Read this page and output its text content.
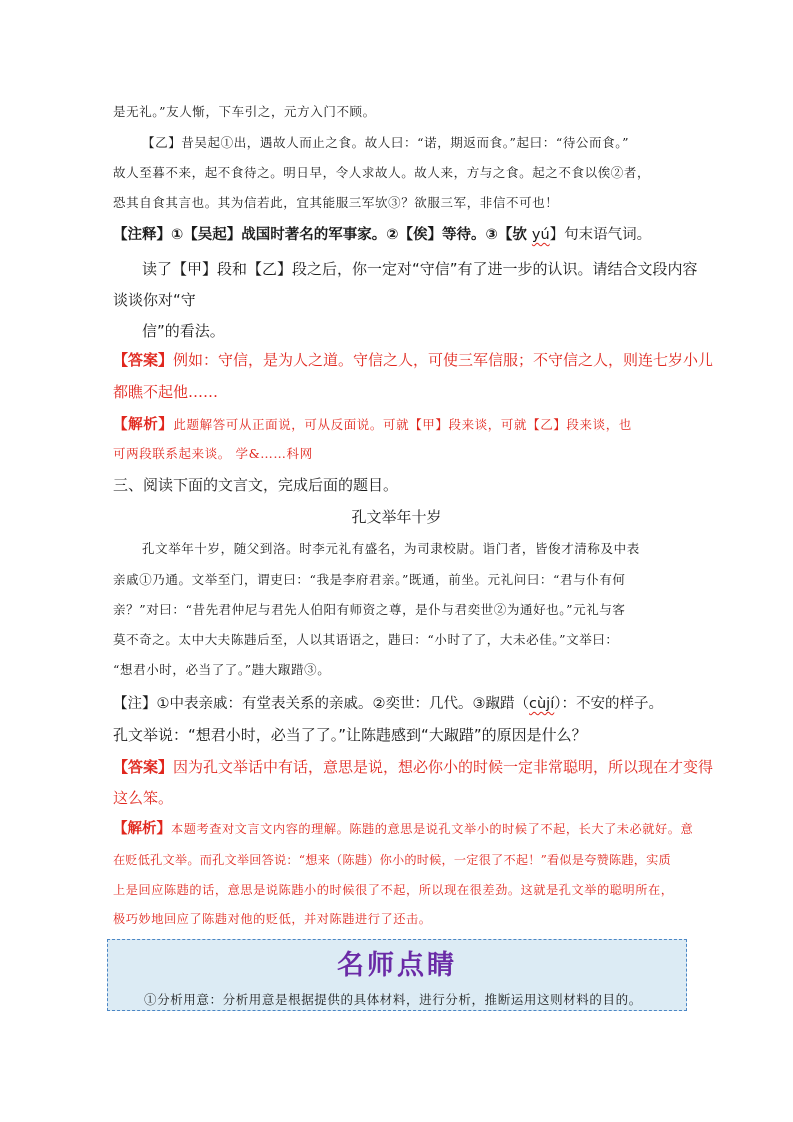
是无礼。”友人惭，下车引之，元方入门不顾。
【乙】昔吴起①出，遇故人而止之食。故人曰：“诺，期返而食。”起曰：“待公而食。”
故人至暮不来，起不食待之。明日早，令人求故人。故人来，方与之食。起之不食以俟②者，
恐其自食其言也。其为信若此，宜其能服三军欤③？欲服三军，非信不可也！
【注释】①【吴起】战国时著名的军事家。②【俟】等待。③【欤 yú】句末语气词。
读了【甲】段和【乙】段之后，你一定对“守信”有了进一步的认识。请结合文段内容
谈谈你对“守
信”的看法。
【答案】例如：守信，是为人之道。守信之人，可使三军信服；不守信之人，则连七岁小儿
都瞧不起他……
【解析】此题解答可从正面说，可从反面说。可就【甲】段来谈，可就【乙】段来谈，也
可两段联系起来谈。 学&……科网
三、阅读下面的文言文，完成后面的题目。
孔文举年十岁
孔文举年十岁，随父到洛。时李元礼有盛名，为司隶校尉。诣门者，皆俊才清称及中表
亲戚①乃通。文举至门，谓吏曰：“我是李府君亲。”既通，前坐。元礼问曰：“君与仆有何
亲？”对曰：“昔先君仲尼与君先人伯阳有师资之尊，是仆与君奕世②为通好也。”元礼与客
莫不奇之。太中大夫陈韪后至，人以其语语之，韪曰：“小时了了，大未必佳。”文举曰：
“想君小时，必当了了。”韪大踧踖③。
【注】①中表亲戚：有堂表关系的亲戚。②奕世：几代。③踧踖（cùjí）：不安的样子。
孔文举说：“想君小时，必当了了。”让陈韪感到“大踧踖”的原因是什么？
【答案】因为孔文举话中有话，意思是说，想必你小的时候一定非常聪明，所以现在才变得
这么笨。
【解析】本题考查对文言文内容的理解。陈韪的意思是说孔文举小的时候了不起，长大了未必就好。意
在贬低孔文举。而孔文举回答说：“想来（陈韪）你小的时候，一定很了不起！”看似是夸赞陈韪，实质
上是回应陈韪的话，意思是说陈韪小的时候很了不起，所以现在很差劲。这就是孔文举的聪明所在，
极巧妙地回应了陈韪对他的贬低，并对陈韪进行了还击。
名师点睛
①分析用意：分析用意是根据提供的具体材料，进行分析，推断运用这则材料的目的。
